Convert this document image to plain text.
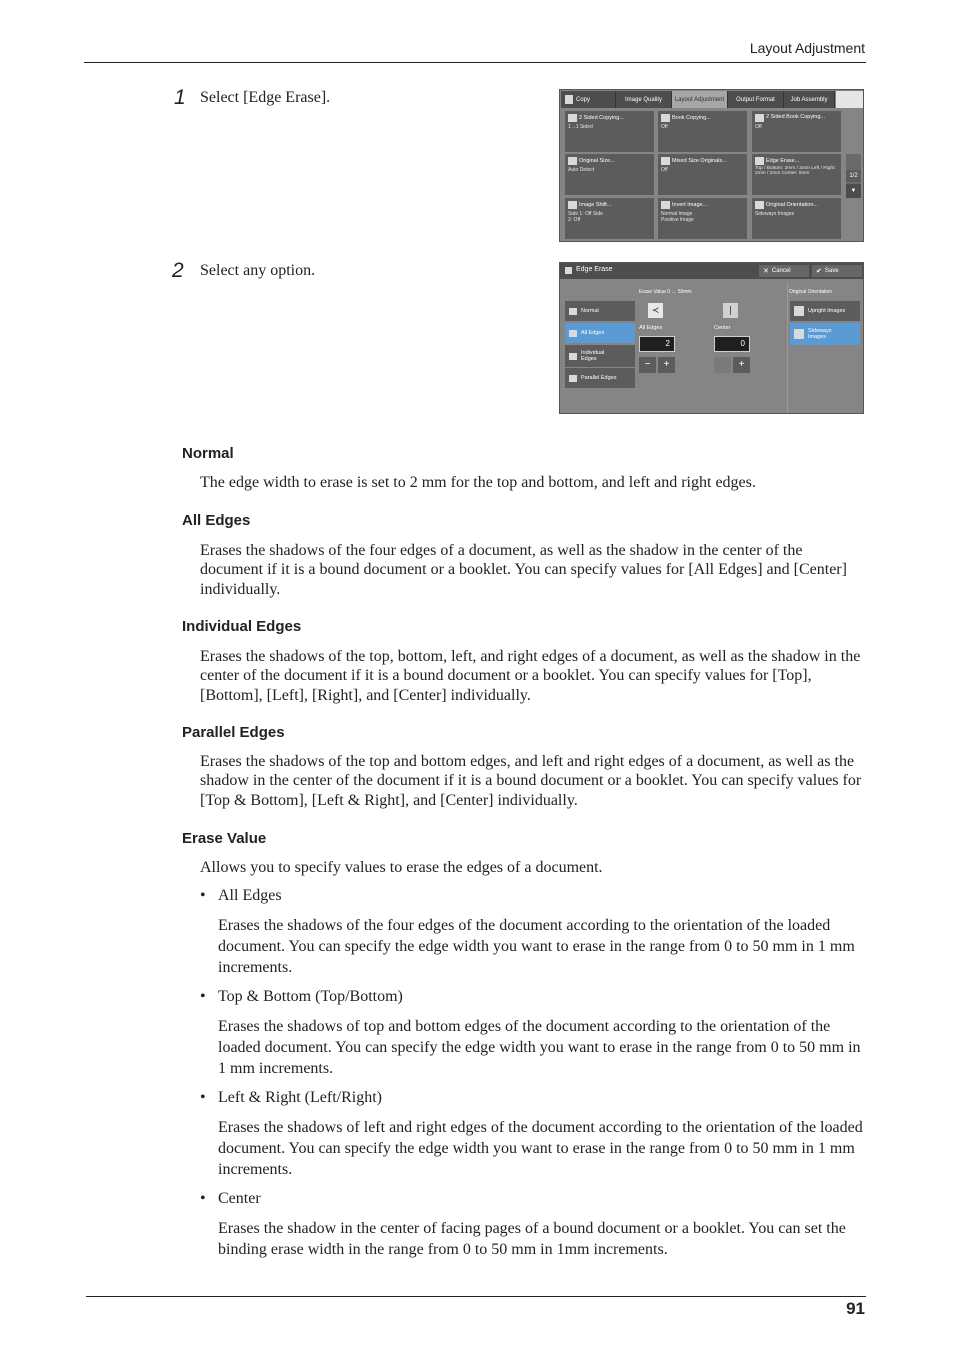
Layout Adjustment
1 Select [Edge Erase].
2 Select any option.
Copy	Image Quality	Layout Adjustment	Output Format	Job Assembly
2 Sided Copying...
1→1 Sided
Book Copying...
Off
2 Sided Book Copying...
Off
Original Size...
Auto Detect
Mixed Size Originals...
Off
Edge Erase...
Top / Bottom: 2mm / 2mm Left / Right: 2mm / 2mm Center: 0mm
Image Shift...
Side 1: Off Side 2: Off
Invert Image...
Normal Image Positive Image
Original Orientation...
Sideways Images
1/2
▼
Edge Erase	✕ Cancel	✔ Save
Erase Value 0 ↔ 50mm	Original Orientation
Normal
All Edges
Individual Edges
Parallel Edges
≺
All Edges
2
−	+
∣
Center
0
+
Upright Images
Sideways Images
Normal
The edge width to erase is set to 2 mm for the top and bottom, and left and right edges.
All Edges
Erases the shadows of the four edges of a document, as well as the shadow in the center of the document if it is a bound document or a booklet. You can specify values for [All Edges] and [Center] individually.
Individual Edges
Erases the shadows of the top, bottom, left, and right edges of a document, as well as the shadow in the center of the document if it is a bound document or a booklet. You can specify values for [Top], [Bottom], [Left], [Right], and [Center] individually.
Parallel Edges
Erases the shadows of the top and bottom edges, and left and right edges of a document, as well as the shadow in the center of the document if it is a bound document or a booklet. You can specify values for [Top & Bottom], [Left & Right], and [Center] individually.
Erase Value
Allows you to specify values to erase the edges of a document.
• All Edges
Erases the shadows of the four edges of the document according to the orientation of the loaded document. You can specify the edge width you want to erase in the range from 0 to 50 mm in 1 mm increments.
• Top & Bottom (Top/Bottom)
Erases the shadows of top and bottom edges of the document according to the orientation of the loaded document. You can specify the edge width you want to erase in the range from 0 to 50 mm in 1 mm increments.
• Left & Right (Left/Right)
Erases the shadows of left and right edges of the document according to the orientation of the loaded document. You can specify the edge width you want to erase in the range from 0 to 50 mm in 1 mm increments.
• Center
Erases the shadow in the center of facing pages of a bound document or a booklet. You can set the binding erase width in the range from 0 to 50 mm in 1mm increments.
91
